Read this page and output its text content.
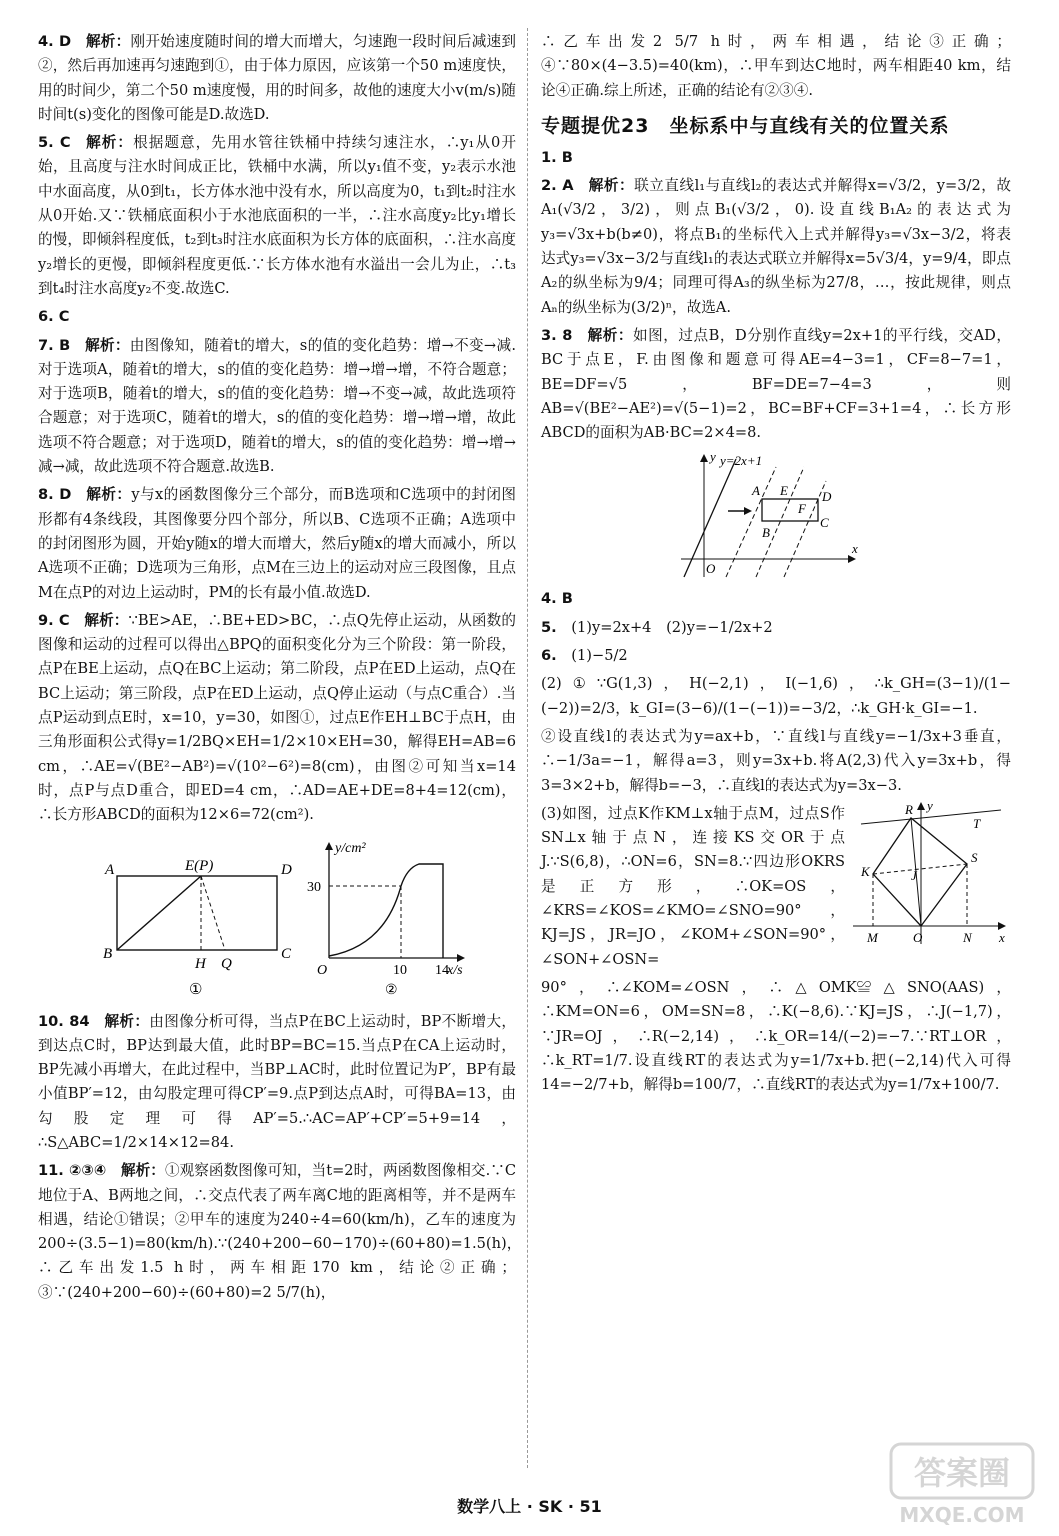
4. D  解析：刚开始速度随时间的增大而增大，匀速跑一段时间后减速到②，然后再加速再匀速跑到①，由于体力原因，应该第一个50 m速度快，用的时间少，第二个50 m速度慢，用的时间多，故他的速度大小v(m/s)随时间t(s)变化的图像可能是D.故选D.
5. C  解析：根据题意，先用水管往铁桶中持续匀速注水，∴y₁从0开始，且高度与注水时间成正比，铁桶中水满，所以y₁值不变，y₂表示水池中水面高度，从0到t₁，长方体水池中没有水，所以高度为0，t₁到t₂时注水从0开始.又∵铁桶底面积小于水池底面积的一半，∴注水高度y₂比y₁增长的慢，即倾斜程度低，t₂到t₃时注水底面积为长方体的底面积，∴注水高度y₂增长的更慢，即倾斜程度更低.∵长方体水池有水溢出一会儿为止，∴t₃到t₄时注水高度y₂不变.故选C.
6. C 
7. B  解析：由图像知，随着t的增大，s的值的变化趋势：增→不变→减.对于选项A，随着t的增大，s的值的变化趋势：增→增→增，不符合题意；对于选项B，随着t的增大，s的值的变化趋势：增→不变→减，故此选项符合题意；对于选项C，随着t的增大，s的值的变化趋势：增→增→增，故此选项不符合题意；对于选项D，随着t的增大，s的值的变化趋势：增→增→减→减，故此选项不符合题意.故选B.
8. D  解析：y与x的函数图像分三个部分，而B选项和C选项中的封闭图形都有4条线段，其图像要分四个部分，所以B、C选项不正确；A选项中的封闭图形为圆，开始y随x的增大而增大，然后y随x的增大而减小，所以A选项不正确；D选项为三角形，点M在三边上的运动对应三段图像，且点M在点P的对边上运动时，PM的长有最小值.故选D.
9. C  解析：∵BE>AE，∴BE+ED>BC，∴点Q先停止运动，从函数的图像和运动的过程可以得出△BPQ的面积变化分为三个阶段：第一阶段，点P在BE上运动，点Q在BC上运动；第二阶段，点P在ED上运动，点Q在BC上运动；第三阶段，点P在ED上运动，点Q停止运动（与点C重合）.当点P运动到点E时，x=10，y=30，如图①，过点E作EH⊥BC于点H，由三角形面积公式得y=1/2BQ×EH=1/2×10×EH=30，解得EH=AB=6 cm，∴AE=√(BE²−AB²)=√(10²−6²)=8(cm)，由图②可知当x=14时，点P与点D重合，即ED=4 cm，∴AD=AE+DE=8+4=12(cm)，∴长方形ABCD的面积为12×6=72(cm²).
A
B
E(P)	D
H Q
C
①
y/cm²
x/s
O
30
10 14
②
10. 84  解析：由图像分析可得，当点P在BC上运动时，BP不断增大，到达点C时，BP达到最大值，此时BP=BC=15.当点P在CA上运动时，BP先减小再增大，在此过程中，当BP⊥AC时，此时位置记为P′，BP有最小值BP′=12，由勾股定理可得CP′=9.点P到达点A时，可得BA=13，由勾股定理可得AP′=5.∴AC=AP′+CP′=5+9=14，∴S△ABC=1/2×14×12=84.
11. ②③④  解析：①观察函数图像可知，当t=2时，两函数图像相交.∵C地位于A、B两地之间，∴交点代表了两车离C地的距离相等，并不是两车相遇，结论①错误；②甲车的速度为240÷4=60(km/h)，乙车的速度为200÷(3.5−1)=80(km/h).∵(240+200−60−170)÷(60+80)=1.5(h)，∴乙车出发1.5 h时，两车相距170 km，结论②正确；③∵(240+200−60)÷(60+80)=2 5/7(h)，
∴乙车出发2 5/7 h时，两车相遇，结论③正确；④∵80×(4−3.5)=40(km)，∴甲车到达C地时，两车相距40 km，结论④正确.综上所述，正确的结论有②③④.
专题提优23　坐标系中与直线有关的位置关系
1. B 
2. A  解析：联立直线l₁与直线l₂的表达式并解得x=√3/2，y=3/2，故A₁(√3/2，3/2)，则点B₁(√3/2，0).设直线B₁A₂的表达式为y₃=√3x+b(b≠0)，将点B₁的坐标代入上式并解得y₃=√3x−3/2，将表达式y₃=√3x−3/2与直线l₁的表达式联立并解得x=5√3/4，y=9/4，即点A₂的纵坐标为9/4；同理可得A₃的纵坐标为27/8，…，按此规律，则点Aₙ的纵坐标为(3/2)ⁿ，故选A.
3. 8  解析：如图，过点B，D分别作直线y=2x+1的平行线，交AD，BC于点E，F.由图像和题意可得AE=4−3=1，CF=8−7=1，BE=DF=√5，BF=DE=7−4=3，则AB=√(BE²−AE²)=√(5−1)=2，BC=BF+CF=3+1=4，∴长方形ABCD的面积为AB·BC=2×4=8.
y y=2x+1
A E	D
F
B
C
O
x
4. B 
5.  (1)y=2x+4　(2)y=−1/2x+2
6.  (1)−5/2
(2)①∵G(1,3)，H(−2,1)，I(−1,6)，∴k_GH=(3−1)/(1−(−2))=2/3，k_GI=(3−6)/(1−(−1))=−3/2，∴k_GH·k_GI=−1.
②设直线l的表达式为y=ax+b，∵直线l与直线y=−1/3x+3垂直，∴−1/3a=−1，解得a=3，则y=3x+b.将A(2,3)代入y=3x+b，得3=3×2+b，解得b=−3，∴直线l的表达式为y=3x−3.
(3)如图，过点K作KM⊥x轴于点M，过点S作SN⊥x轴于点N，连接KS交OR于点J.∵S(6,8)，∴ON=6，SN=8.∵四边形OKRS是正方形，∴OK=OS，∠KRS=∠KOS=∠KMO=∠SNO=90°，KJ=JS，JR=JO，∠KOM+∠SON=90°，∠SON+∠OSN=
y
R
T
K	J
S
M	O	N x
90°，∴∠KOM=∠OSN，∴△OMK≌△SNO(AAS)，∴KM=ON=6，OM=SN=8，∴K(−8,6).∵KJ=JS，∴J(−1,7)，∵JR=OJ，∴R(−2,14)，∴k_OR=14/(−2)=−7.∵RT⊥OR，∴k_RT=1/7.设直线RT的表达式为y=1/7x+b.把(−2,14)代入可得14=−2/7+b，解得b=100/7，∴直线RT的表达式为y=1/7x+100/7.
数学八上 · SK · 51
答案圈
MXQE.COM
